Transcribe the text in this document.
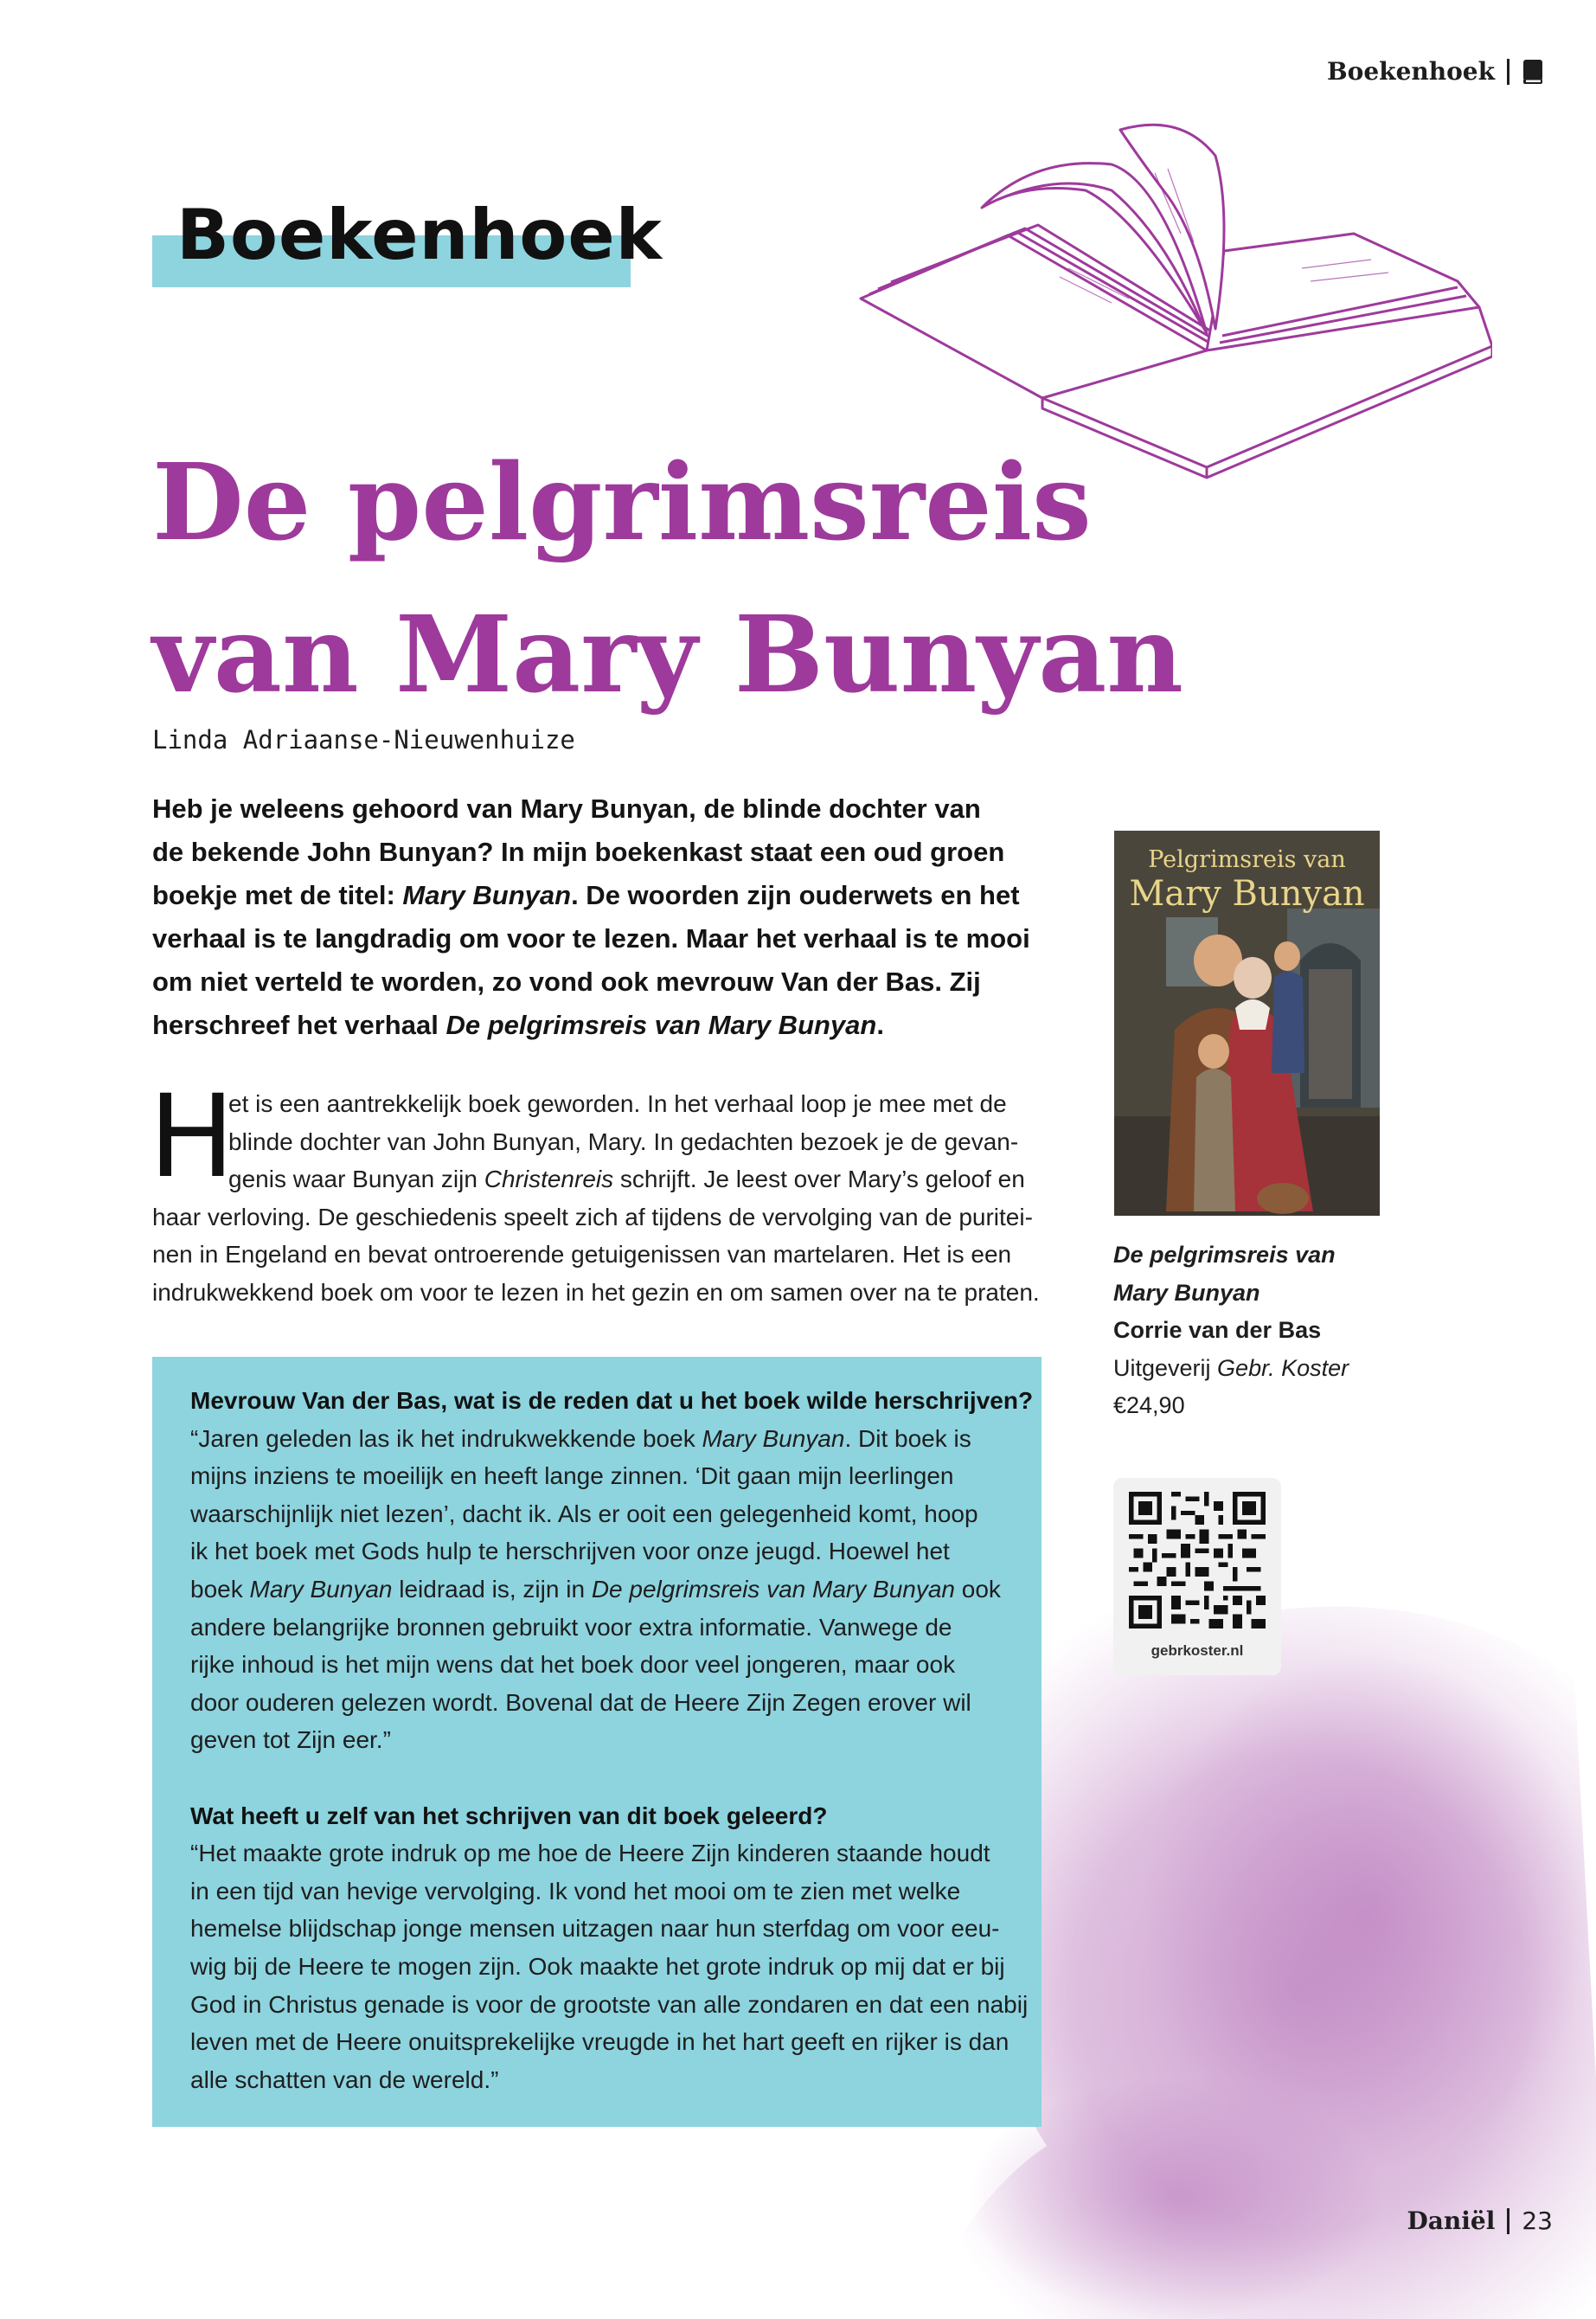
Boekenhoek
Boekenhoek
De pelgrimsreis
van Mary Bunyan
Linda Adriaanse-Nieuwenhuize
Heb je weleens gehoord van Mary Bunyan, de blinde dochter van
de bekende John Bunyan? In mijn boekenkast staat een oud groen
boekje met de titel: Mary Bunyan. De woorden zijn ouderwets en het
verhaal is te langdradig om voor te lezen. Maar het verhaal is te mooi
om niet verteld te worden, zo vond ook mevrouw Van der Bas. Zij
herschreef het verhaal De pelgrimsreis van Mary Bunyan.
H
et is een aantrekkelijk boek geworden. In het verhaal loop je mee met de
blinde dochter van John Bunyan, Mary. In gedachten bezoek je de gevan-
genis waar Bunyan zijn Christenreis schrijft. Je leest over Mary’s geloof en
haar verloving. De geschiedenis speelt zich af tijdens de vervolging van de puritei-
nen in Engeland en bevat ontroerende getuigenissen van martelaren. Het is een
indrukwekkend boek om voor te lezen in het gezin en om samen over na te praten.
Mevrouw Van der Bas, wat is de reden dat u het boek wilde herschrijven?
“Jaren geleden las ik het indrukwekkende boek Mary Bunyan. Dit boek is
mijns inziens te moeilijk en heeft lange zinnen. ‘Dit gaan mijn leerlingen
waarschijnlijk niet lezen’, dacht ik. Als er ooit een gelegenheid komt, hoop
ik het boek met Gods hulp te herschrijven voor onze jeugd. Hoewel het
boek Mary Bunyan leidraad is, zijn in De pelgrimsreis van Mary Bunyan ook
andere belangrijke bronnen gebruikt voor extra informatie. Vanwege de
rijke inhoud is het mijn wens dat het boek door veel jongeren, maar ook
door ouderen gelezen wordt. Bovenal dat de Heere Zijn Zegen erover wil
geven tot Zijn eer.”
Wat heeft u zelf van het schrijven van dit boek geleerd?
“Het maakte grote indruk op me hoe de Heere Zijn kinderen staande houdt
in een tijd van hevige vervolging. Ik vond het mooi om te zien met welke
hemelse blijdschap jonge mensen uitzagen naar hun sterfdag om voor eeu-
wig bij de Heere te mogen zijn. Ook maakte het grote indruk op mij dat er bij
God in Christus genade is voor de grootste van alle zondaren en dat een nabij
leven met de Heere onuitsprekelijke vreugde in het hart geeft en rijker is dan
alle schatten van de wereld.”
Pelgrimsreis van
Mary Bunyan
De pelgrimsreis van
Mary Bunyan
Corrie van der Bas
Uitgeverij Gebr. Koster
€24,90
gebrkoster.nl
Daniël 23
